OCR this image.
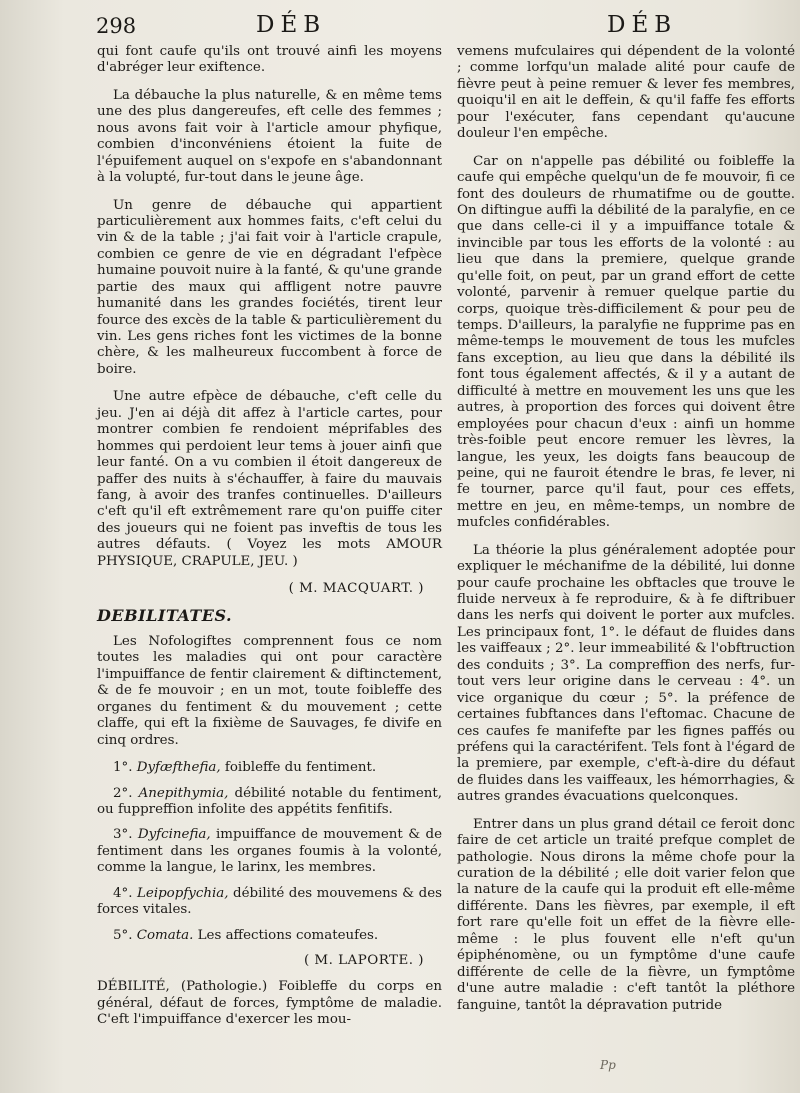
298	DÉB	DÉB

qui font caufe qu'ils ont trouvé ainfi les moyens d'abréger leur exiftence.

La débauche la plus naturelle, & en même tems une des plus dangereufes, eft celle des femmes ; nous avons fait voir à l'article amour phyfique, combien d'inconvéniens étoient la fuite de l'épuifement auquel on s'expofe en s'abandonnant à la volupté, fur-tout dans le jeune âge.

Un genre de débauche qui appartient particulièrement aux hommes faits, c'eft celui du vin & de la table ; j'ai fait voir à l'article crapule, combien ce genre de vie en dégradant l'efpèce humaine pouvoit nuire à la fanté, & qu'une grande partie des maux qui affligent notre pauvre humanité dans les grandes fociétés, tirent leur fource des excès de la table & particulièrement du vin. Les gens riches font les victimes de la bonne chère, & les malheureux fuccombent à force de boire.

Une autre efpèce de débauche, c'eft celle du jeu. J'en ai déjà dit affez à l'article cartes, pour montrer combien fe rendoient méprifables des hommes qui perdoient leur tems à jouer ainfi que leur fanté. On a vu combien il étoit dangereux de paffer des nuits à s'échauffer, à faire du mauvais fang, à avoir des tranfes continuelles. D'ailleurs c'eft qu'il eft extrêmement rare qu'on puiffe citer des joueurs qui ne foient pas inveftis de tous les autres défauts. ( Voyez les mots AMOUR PHYSIQUE, CRAPULE, JEU. )

( M. MACQUART. )

DEBILITATES.

Les Nofologiftes comprennent fous ce nom toutes les maladies qui ont pour caractère l'impuiffance de fentir clairement & diftinctement, & de fe mouvoir ; en un mot, toute foibleffe des organes du fentiment & du mouvement ; cette claffe, qui eft la fixième de Sauvages, fe divife en cinq ordres.

1°. Dyfæfthefia, foibleffe du fentiment.
2°. Anepithymia, débilité notable du fentiment, ou fuppreffion infolite des appétits fenfitifs.
3°. Dyfcinefia, impuiffance de mouvement & de fentiment dans les organes foumis à la volonté, comme la langue, le larinx, les membres.
4°. Leipopfychia, débilité des mouvemens & des forces vitales.
5°. Comata. Les affections comateufes.

( M. LAPORTE. )

DÉBILITÉ, (Pathologie.) Foibleffe du corps en général, défaut de forces, fymptôme de maladie. C'eft l'impuiffance d'exercer les mou-

vemens mufculaires qui dépendent de la volonté ; comme lorfqu'un malade alité pour caufe de fièvre peut à peine remuer & lever fes membres, quoiqu'il en ait le deffein, & qu'il faffe fes efforts pour l'exécuter, fans cependant qu'aucune douleur l'en empêche.

Car on n'appelle pas débilité ou foibleffe la caufe qui empêche quelqu'un de fe mouvoir, fi ce font des douleurs de rhumatifme ou de goutte. On diftingue auffi la débilité de la paralyfie, en ce que dans celle-ci il y a impuiffance totale & invincible par tous les efforts de la volonté : au lieu que dans la premiere, quelque grande qu'elle foit, on peut, par un grand effort de cette volonté, parvenir à remuer quelque partie du corps, quoique très-difficilement & pour peu de temps. D'ailleurs, la paralyfie ne fupprime pas en même-temps le mouvement de tous les mufcles fans exception, au lieu que dans la débilité ils font tous également affectés, & il y a autant de difficulté à mettre en mouvement les uns que les autres, à proportion des forces qui doivent être employées pour chacun d'eux : ainfi un homme très-foible peut encore remuer les lèvres, la langue, les yeux, les doigts fans beaucoup de peine, qui ne fauroit étendre le bras, fe lever, ni fe tourner, parce qu'il faut, pour ces effets, mettre en jeu, en même-temps, un nombre de mufcles confidérables.

La théorie la plus généralement adoptée pour expliquer le méchanifme de la débilité, lui donne pour caufe prochaine les obftacles que trouve le fluide nerveux à fe reproduire, & à fe diftribuer dans les nerfs qui doivent le porter aux mufcles. Les principaux font, 1°. le défaut de fluides dans les vaiffeaux ; 2°. leur immeabilité & l'obftruction des conduits ; 3°. La compreffion des nerfs, fur-tout vers leur origine dans le cerveau : 4°. un vice organique du cœur ; 5°. la préfence de certaines fubftances dans l'eftomac. Chacune de ces caufes fe manifefte par les fignes paffés ou préfens qui la caractérifent. Tels font à l'égard de la premiere, par exemple, c'eft-à-dire du défaut de fluides dans les vaiffeaux, les hémorrhagies, & autres grandes évacuations quelconques.

Entrer dans un plus grand détail ce feroit donc faire de cet article un traité prefque complet de pathologie. Nous dirons la même chofe pour la curation de la débilité ; elle doit varier felon que la nature de la caufe qui la produit eft elle-même différente. Dans les fièvres, par exemple, il eft fort rare qu'elle foit un effet de la fièvre elle-même : le plus fouvent elle n'eft qu'un épiphénomène, ou un fymptôme d'une caufe différente de celle de la fièvre, un fymptôme d'une autre maladie : c'eft tantôt la pléthore fanguine, tantôt la dépravation putride

Pp
